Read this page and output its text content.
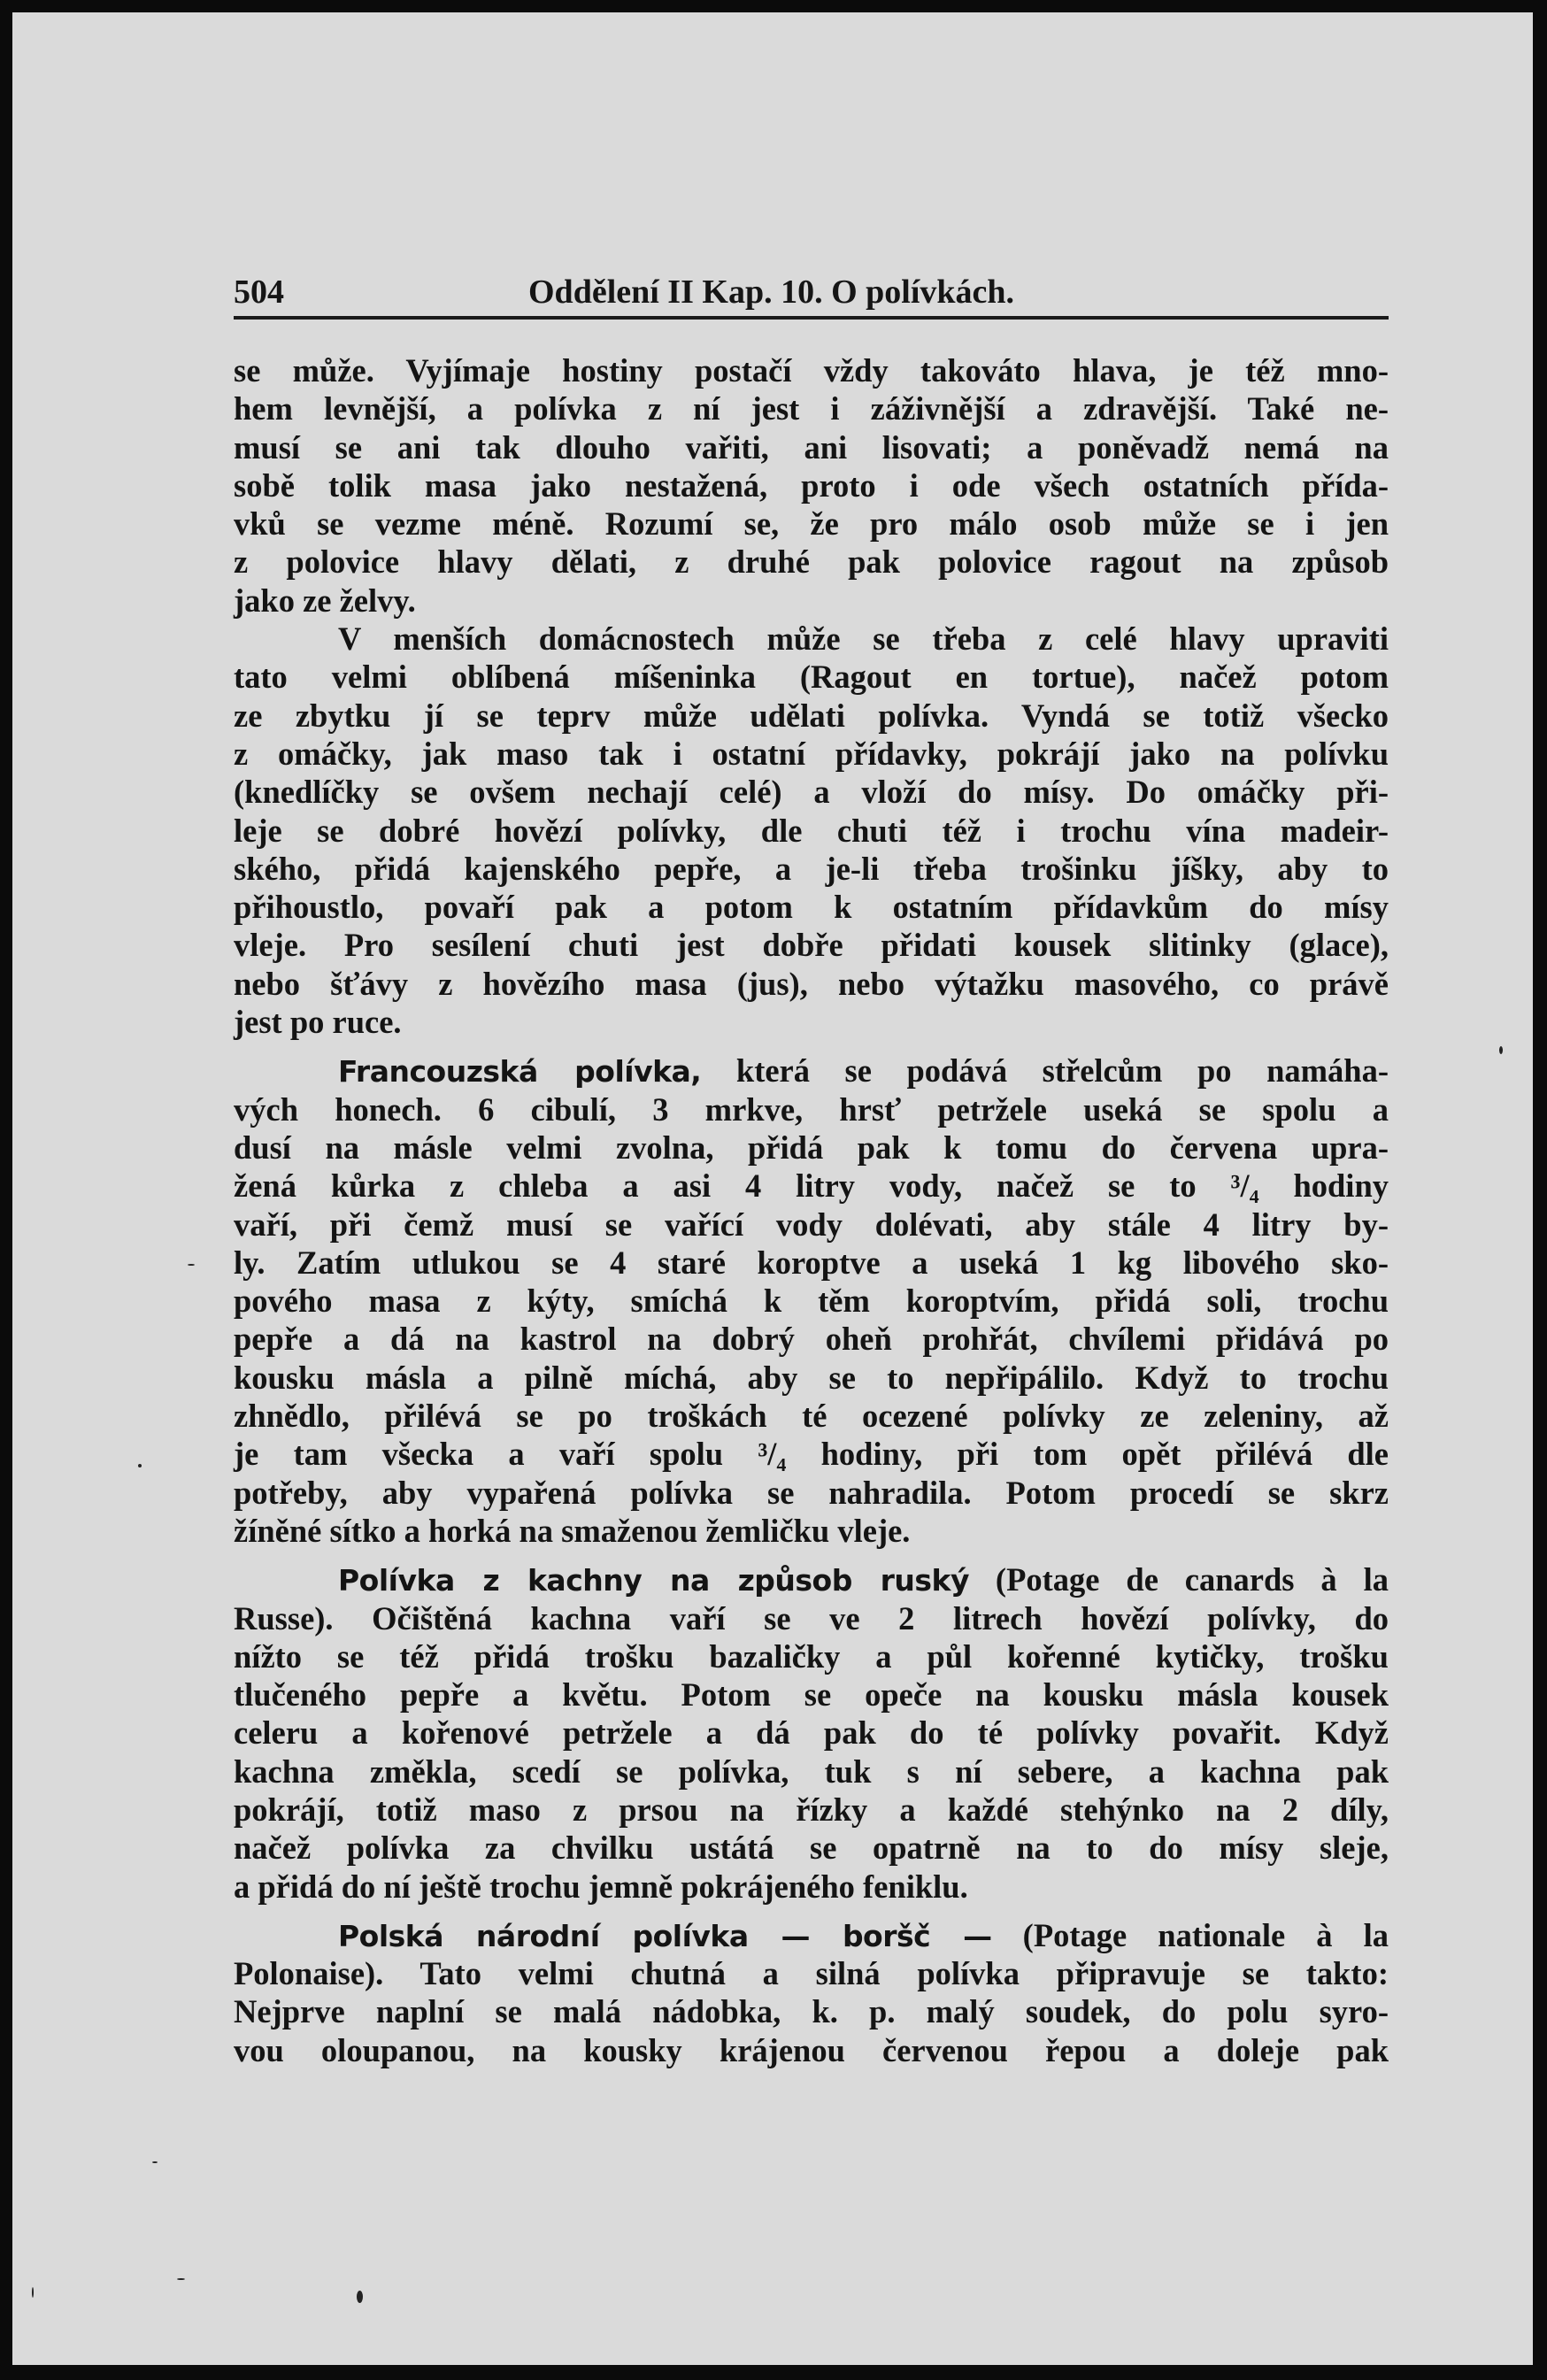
504	Oddělení II Kap. 10. O polívkách.
se může. Vyjímaje hostiny postačí vždy takováto hlava, je též mno-
hem levnější, a polívka z ní jest i záživnější a zdravější. Také ne-
musí se ani tak dlouho vařiti, ani lisovati; a poněvadž nemá na
sobě tolik masa jako nestažená, proto i ode všech ostatních přída-
vků se vezme méně. Rozumí se, že pro málo osob může se i jen
z polovice hlavy dělati, z druhé pak polovice ragout na způsob
jako ze želvy.
V menších domácnostech může se třeba z celé hlavy upraviti
tato velmi oblíbená míšeninka (Ragout en tortue), načež potom
ze zbytku jí se teprv může udělati polívka. Vyndá se totiž všecko
z omáčky, jak maso tak i ostatní přídavky, pokrájí jako na polívku
(knedlíčky se ovšem nechají celé) a vloží do mísy. Do omáčky při-
leje se dobré hovězí polívky, dle chuti též i trochu vína madeir-
ského, přidá kajenského pepře, a je-li třeba trošinku jíšky, aby to
přihoustlo, povaří pak a potom k ostatním přídavkům do mísy
vleje. Pro sesílení chuti jest dobře přidati kousek slitinky (glace),
nebo šťávy z hovězího masa (jus), nebo výtažku masového, co právě
jest po ruce.
Francouzská polívka, která se podává střelcům po namáha-
vých honech. 6 cibulí, 3 mrkve, hrsť petržele useká se spolu a
dusí na másle velmi zvolna, přidá pak k tomu do červena upra-
žená kůrka z chleba a asi 4 litry vody, načež se to ³/₄ hodiny
vaří, při čemž musí se vařící vody dolévati, aby stále 4 litry by-
ly. Zatím utlukou se 4 staré koroptve a useká 1 kg libového sko-
pového masa z kýty, smíchá k těm koroptvím, přidá soli, trochu
pepře a dá na kastrol na dobrý oheň prohřát, chvílemi přidává po
kousku másla a pilně míchá, aby se to nepřipálilo. Když to trochu
zhnědlo, přilévá se po troškách té ocezené polívky ze zeleniny, až
je tam všecka a vaří spolu ³/₄ hodiny, při tom opět přilévá dle
potřeby, aby vypařená polívka se nahradila. Potom procedí se skrz
žíněné sítko a horká na smaženou žemličku vleje.
Polívka z kachny na způsob ruský (Potage de canards à la
Russe). Očištěná kachna vaří se ve 2 litrech hovězí polívky, do
nížto se též přidá trošku bazaličky a půl kořenné kytičky, trošku
tlučeného pepře a květu. Potom se opeče na kousku másla kousek
celeru a kořenové petržele a dá pak do té polívky povařit. Když
kachna změkla, scedí se polívka, tuk s ní sebere, a kachna pak
pokrájí, totiž maso z prsou na řízky a každé stehýnko na 2 díly,
načež polívka za chvilku ustátá se opatrně na to do mísy sleje,
a přidá do ní ještě trochu jemně pokrájeného feniklu.
Polská národní polívka — boršč — (Potage nationale à la
Polonaise). Tato velmi chutná a silná polívka připravuje se takto:
Nejprve naplní se malá nádobka, k. p. malý soudek, do polu syro-
vou oloupanou, na kousky krájenou červenou řepou a doleje pak
